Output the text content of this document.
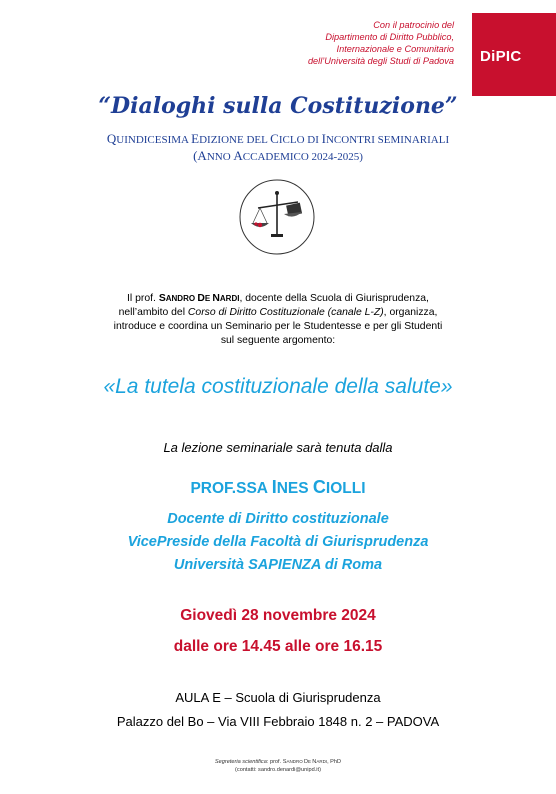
Con il patrocinio del
Dipartimento di Diritto Pubblico,
Internazionale e Comunitario
dell’Università degli Studi di Padova DiPIC
“Dialoghi sulla Costituzione”
QUINDICESIMA EDIZIONE DEL CICLO DI INCONTRI SEMINARIALI
(ANNO ACCADEMICO 2024-2025)
Il prof. SANDRO DE NARDI, docente della Scuola di Giurisprudenza,
nell’ambito del Corso di Diritto Costituzionale (canale L-Z), organizza,
introduce e coordina un Seminario per le Studentesse e per gli Studenti
sul seguente argomento:
«La tutela costituzionale della salute»
La lezione seminariale sarà tenuta dalla
PROF.SSA INES CIOLLI
Docente di Diritto costituzionale
VicePreside della Facoltà di Giurisprudenza
Università SAPIENZA di Roma
Giovedì 28 novembre 2024
dalle ore 14.45 alle ore 16.15
AULA E – Scuola di Giurisprudenza
Palazzo del Bo – Via VIII Febbraio 1848 n. 2 – PADOVA
Segreteria scientifica: prof. SANDRO DE NARDI, PhD
(contatti: sandro.denardi@unipd.it)
